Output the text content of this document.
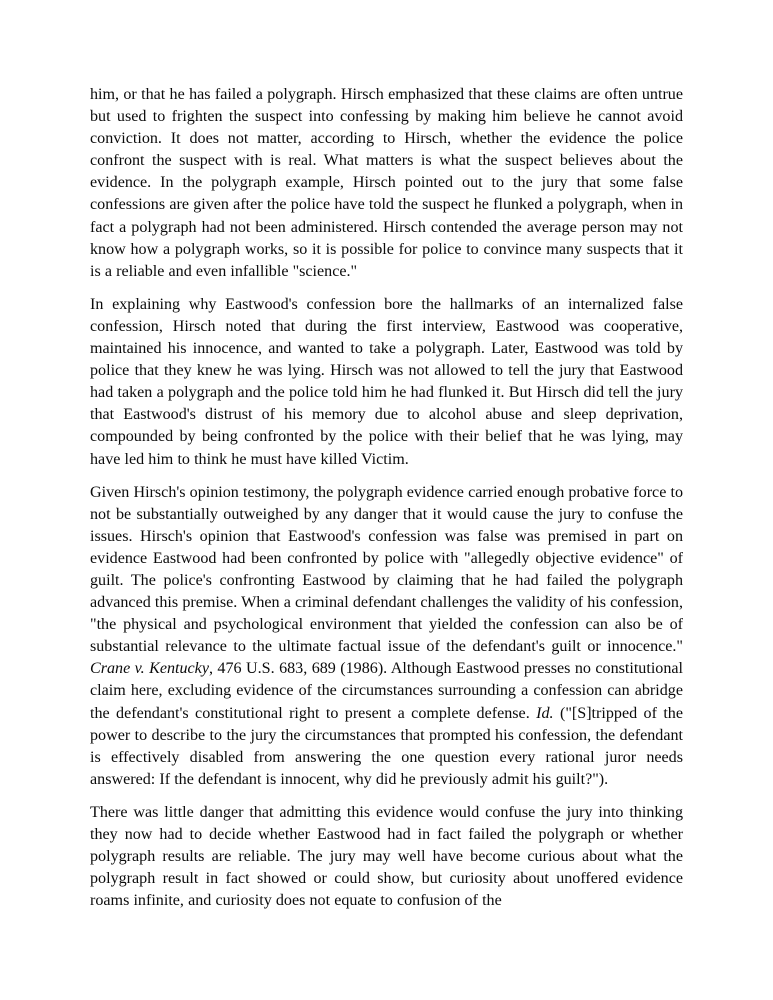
him, or that he has failed a polygraph. Hirsch emphasized that these claims are often untrue but used to frighten the suspect into confessing by making him believe he cannot avoid conviction. It does not matter, according to Hirsch, whether the evidence the police confront the suspect with is real. What matters is what the suspect believes about the evidence. In the polygraph example, Hirsch pointed out to the jury that some false confessions are given after the police have told the suspect he flunked a polygraph, when in fact a polygraph had not been administered. Hirsch contended the average person may not know how a polygraph works, so it is possible for police to convince many suspects that it is a reliable and even infallible "science."

In explaining why Eastwood's confession bore the hallmarks of an internalized false confession, Hirsch noted that during the first interview, Eastwood was cooperative, maintained his innocence, and wanted to take a polygraph. Later, Eastwood was told by police that they knew he was lying. Hirsch was not allowed to tell the jury that Eastwood had taken a polygraph and the police told him he had flunked it. But Hirsch did tell the jury that Eastwood's distrust of his memory due to alcohol abuse and sleep deprivation, compounded by being confronted by the police with their belief that he was lying, may have led him to think he must have killed Victim.

Given Hirsch's opinion testimony, the polygraph evidence carried enough probative force to not be substantially outweighed by any danger that it would cause the jury to confuse the issues. Hirsch's opinion that Eastwood's confession was false was premised in part on evidence Eastwood had been confronted by police with "allegedly objective evidence" of guilt. The police's confronting Eastwood by claiming that he had failed the polygraph advanced this premise. When a criminal defendant challenges the validity of his confession, "the physical and psychological environment that yielded the confession can also be of substantial relevance to the ultimate factual issue of the defendant's guilt or innocence." Crane v. Kentucky, 476 U.S. 683, 689 (1986). Although Eastwood presses no constitutional claim here, excluding evidence of the circumstances surrounding a confession can abridge the defendant's constitutional right to present a complete defense. Id. ("[S]tripped of the power to describe to the jury the circumstances that prompted his confession, the defendant is effectively disabled from answering the one question every rational juror needs answered: If the defendant is innocent, why did he previously admit his guilt?").

There was little danger that admitting this evidence would confuse the jury into thinking they now had to decide whether Eastwood had in fact failed the polygraph or whether polygraph results are reliable. The jury may well have become curious about what the polygraph result in fact showed or could show, but curiosity about unoffered evidence roams infinite, and curiosity does not equate to confusion of the
